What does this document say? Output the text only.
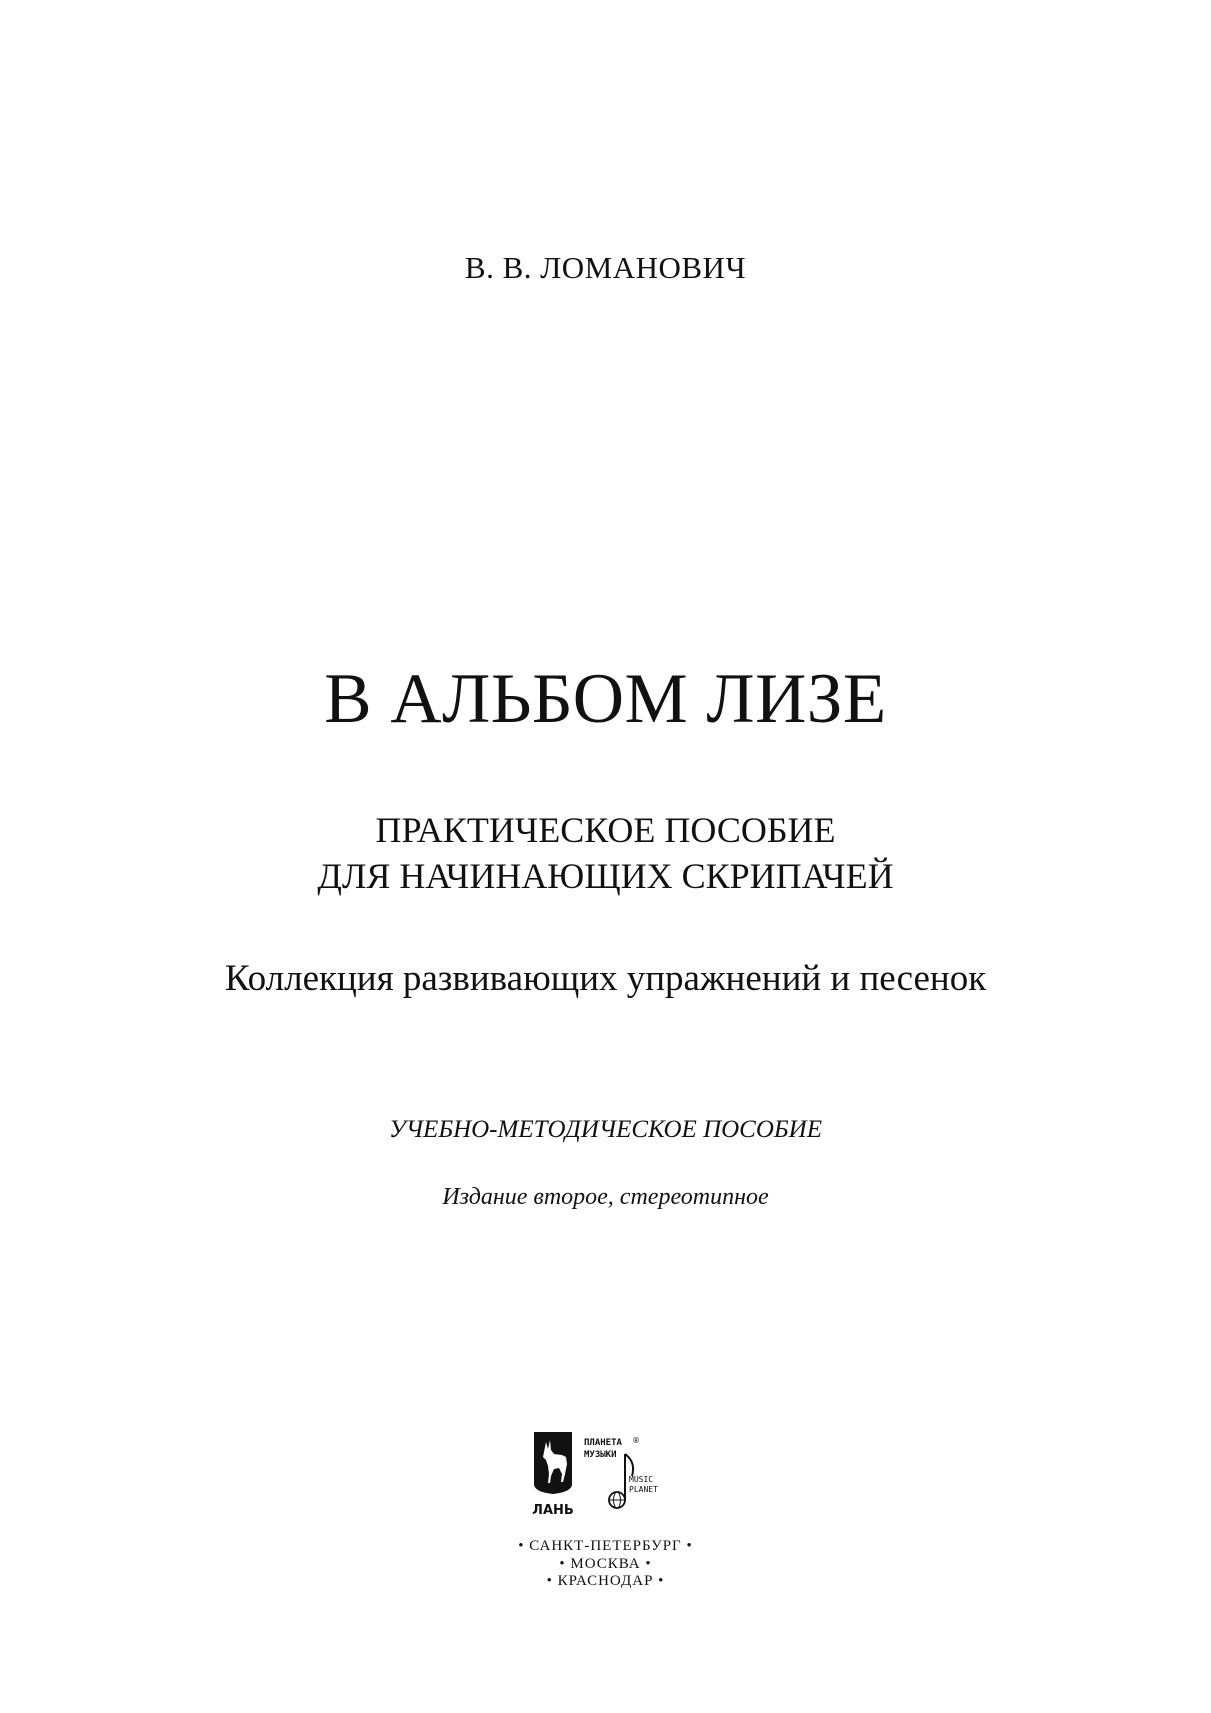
В. В. ЛОМАНОВИЧ
В АЛЬБОМ ЛИЗЕ
ПРАКТИЧЕСКОЕ ПОСОБИЕ
ДЛЯ НАЧИНАЮЩИХ СКРИПАЧЕЙ
Коллекция развивающих упражнений и песенок
УЧЕБНО-МЕТОДИЧЕСКОЕ ПОСОБИЕ
Издание второе, стереотипное
ЛАНЬ
ПЛАНЕТА
МУЗЫКИ
®
MUSIC
PLANET
• САНКТ-ПЕТЕРБУРГ •
• МОСКВА •
• КРАСНОДАР •
